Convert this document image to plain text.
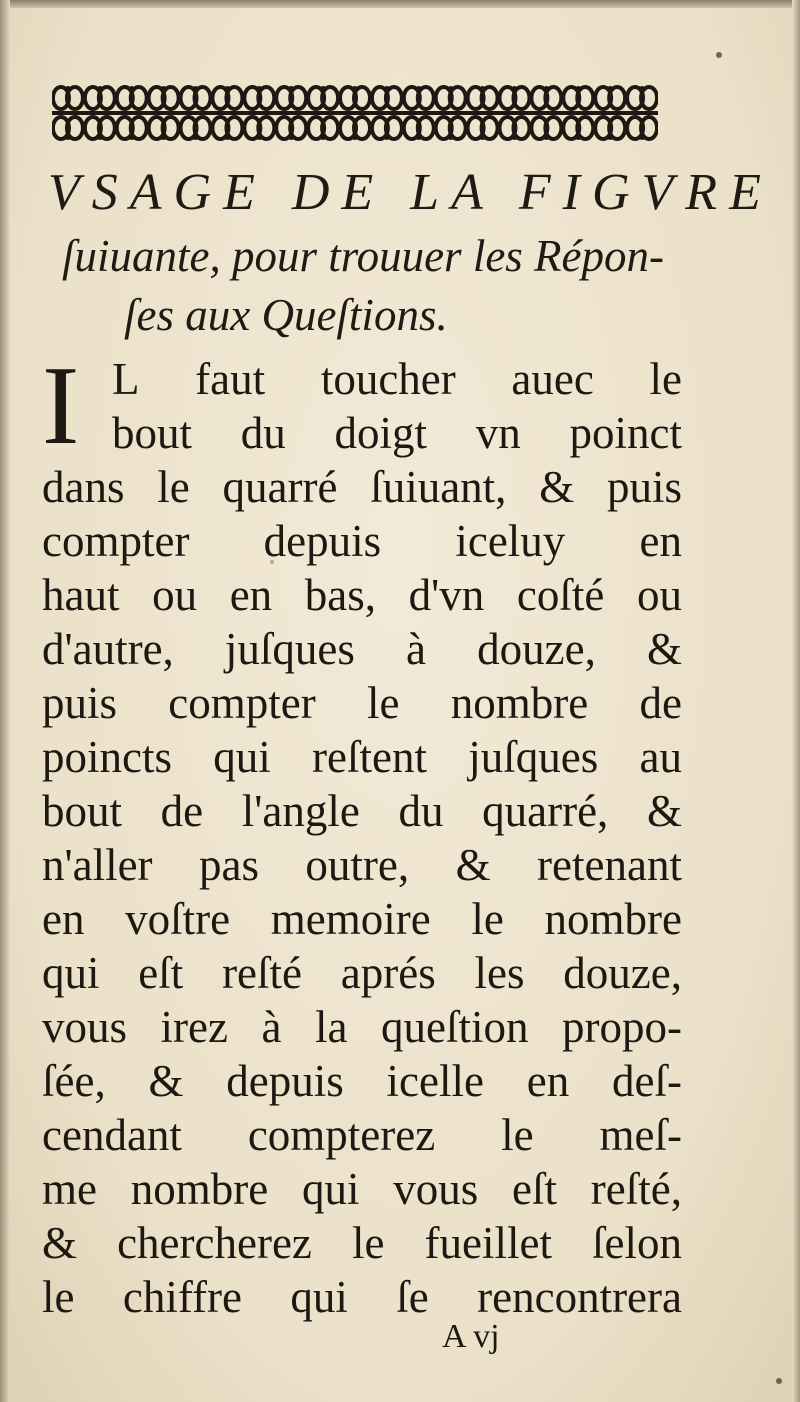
VSAGE DE LA FIGVRE
ſuiuante, pour trouuer les Répon-
ſes aux Queſtions.
I L faut toucher auec le
bout du doigt vn poinct
dans le quarré ſuiuant, & puis
compter depuis iceluy en
haut ou en bas, d'vn coſté ou
d'autre, juſques à douze, &
puis compter le nombre de
poincts qui reſtent juſques au
bout de l'angle du quarré, &
n'aller pas outre, & retenant
en voſtre memoire le nombre
qui eſt reſté aprés les douze,
vous irez à la queſtion propo-
ſée, & depuis icelle en deſ-
cendant compterez le meſ-
me nombre qui vous eſt reſté,
& chercherez le fueillet ſelon
le chiffre qui ſe rencontrera
A vj
